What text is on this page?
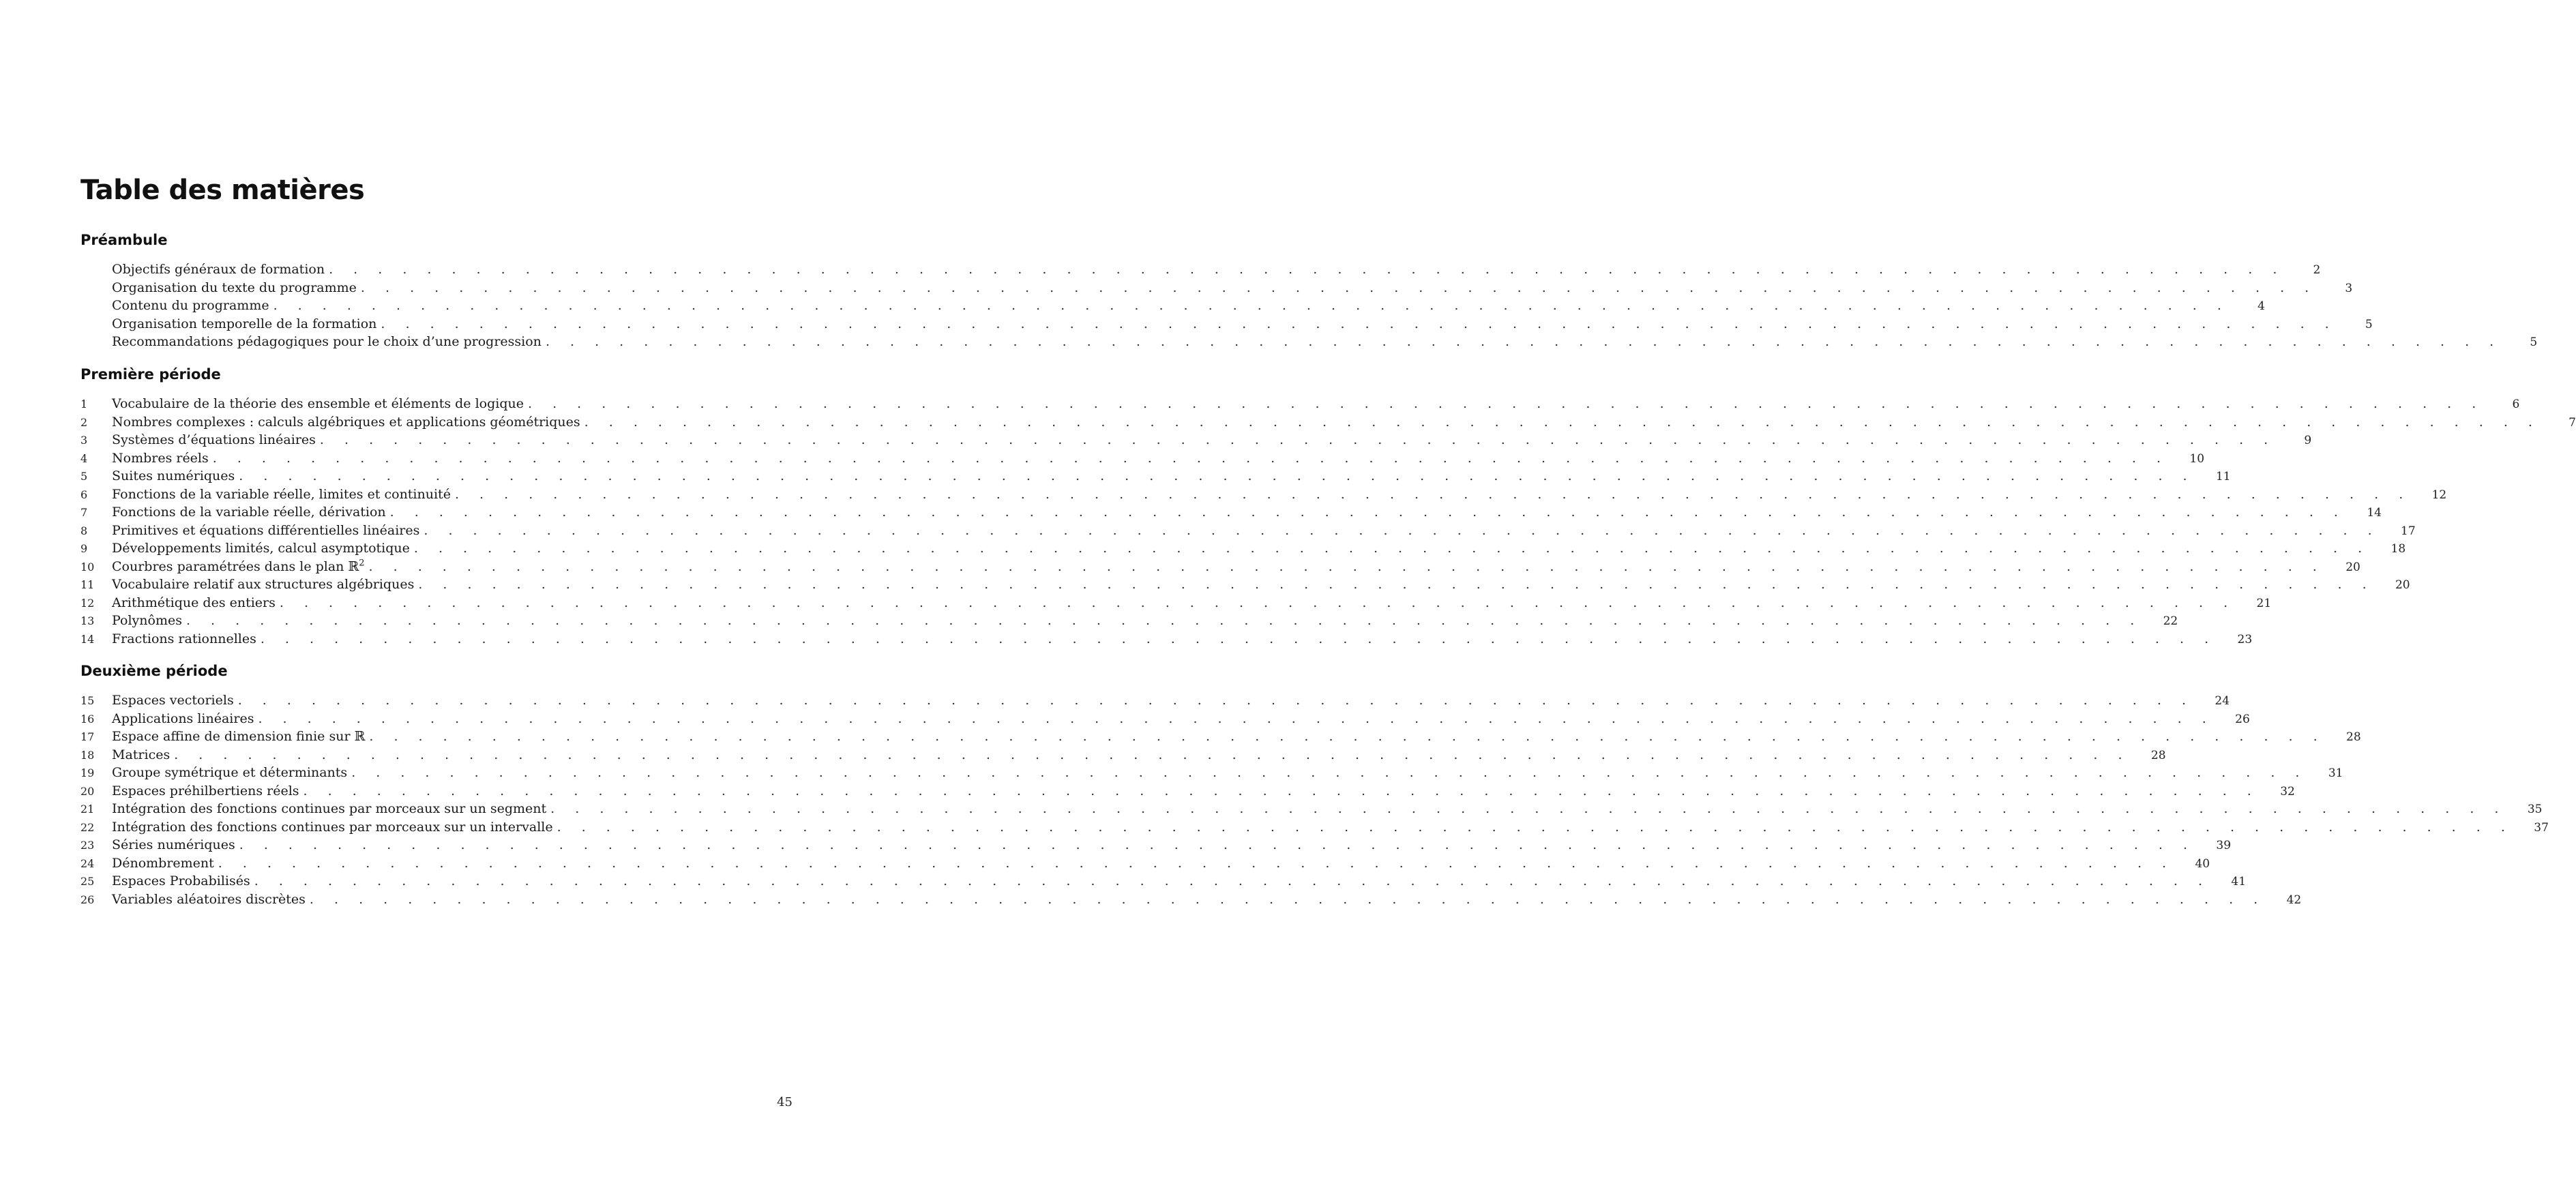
Table des matières
Préambule
Objectifs généraux de formation . . . . . . . . . . . . . . . . . . . . . . . . . . . . . . . . . . . . . . . . . . . . . . . . . . . . . . . . . . . . . . . . . . . . . . . . . . . . . . . .	2
Organisation du texte du programme . . . . . . . . . . . . . . . . . . . . . . . . . . . . . . . . . . . . . . . . . . . . . . . . . . . . . . . . . . . . . . . . . . . . . . . . . . . . . . . .	3
Contenu du programme . . . . . . . . . . . . . . . . . . . . . . . . . . . . . . . . . . . . . . . . . . . . . . . . . . . . . . . . . . . . . . . . . . . . . . . . . . . . . . . .	4
Organisation temporelle de la formation . . . . . . . . . . . . . . . . . . . . . . . . . . . . . . . . . . . . . . . . . . . . . . . . . . . . . . . . . . . . . . . . . . . . . . . . . . . . . . . .	5
Recommandations pédagogiques pour le choix d’une progression . . . . . . . . . . . . . . . . . . . . . . . . . . . . . . . . . . . . . . . . . . . . . . . . . . . . . . . . . . . . . . . . . . . . . . . . . . . . . . . .	5
Première période
1	Vocabulaire de la théorie des ensemble et éléments de logique . . . . . . . . . . . . . . . . . . . . . . . . . . . . . . . . . . . . . . . . . . . . . . . . . . . . . . . . . . . . . . . . . . . . . . . . . . . . . . . .	6
2	Nombres complexes : calculs algébriques et applications géométriques . . . . . . . . . . . . . . . . . . . . . . . . . . . . . . . . . . . . . . . . . . . . . . . . . . . . . . . . . . . . . . . . . . . . . . . . . . . . . . . .	7
3	Systèmes d’équations linéaires . . . . . . . . . . . . . . . . . . . . . . . . . . . . . . . . . . . . . . . . . . . . . . . . . . . . . . . . . . . . . . . . . . . . . . . . . . . . . . . .	9
4	Nombres réels . . . . . . . . . . . . . . . . . . . . . . . . . . . . . . . . . . . . . . . . . . . . . . . . . . . . . . . . . . . . . . . . . . . . . . . . . . . . . . . .	10
5	Suites numériques . . . . . . . . . . . . . . . . . . . . . . . . . . . . . . . . . . . . . . . . . . . . . . . . . . . . . . . . . . . . . . . . . . . . . . . . . . . . . . . .	11
6	Fonctions de la variable réelle, limites et continuité . . . . . . . . . . . . . . . . . . . . . . . . . . . . . . . . . . . . . . . . . . . . . . . . . . . . . . . . . . . . . . . . . . . . . . . . . . . . . . . .	12
7	Fonctions de la variable réelle, dérivation . . . . . . . . . . . . . . . . . . . . . . . . . . . . . . . . . . . . . . . . . . . . . . . . . . . . . . . . . . . . . . . . . . . . . . . . . . . . . . . .	14
8	Primitives et équations différentielles linéaires . . . . . . . . . . . . . . . . . . . . . . . . . . . . . . . . . . . . . . . . . . . . . . . . . . . . . . . . . . . . . . . . . . . . . . . . . . . . . . . .	17
9	Développements limités, calcul asymptotique . . . . . . . . . . . . . . . . . . . . . . . . . . . . . . . . . . . . . . . . . . . . . . . . . . . . . . . . . . . . . . . . . . . . . . . . . . . . . . . .	18
10	Courbres paramétrées dans le plan ℝ$^2$ . . . . . . . . . . . . . . . . . . . . . . . . . . . . . . . . . . . . . . . . . . . . . . . . . . . . . . . . . . . . . . . . . . . . . . . . . . . . . . . .	20
11	Vocabulaire relatif aux structures algébriques . . . . . . . . . . . . . . . . . . . . . . . . . . . . . . . . . . . . . . . . . . . . . . . . . . . . . . . . . . . . . . . . . . . . . . . . . . . . . . . .	20
12	Arithmétique des entiers . . . . . . . . . . . . . . . . . . . . . . . . . . . . . . . . . . . . . . . . . . . . . . . . . . . . . . . . . . . . . . . . . . . . . . . . . . . . . . . .	21
13	Polynômes . . . . . . . . . . . . . . . . . . . . . . . . . . . . . . . . . . . . . . . . . . . . . . . . . . . . . . . . . . . . . . . . . . . . . . . . . . . . . . . .	22
14	Fractions rationnelles . . . . . . . . . . . . . . . . . . . . . . . . . . . . . . . . . . . . . . . . . . . . . . . . . . . . . . . . . . . . . . . . . . . . . . . . . . . . . . . .	23
Deuxième période
15	Espaces vectoriels . . . . . . . . . . . . . . . . . . . . . . . . . . . . . . . . . . . . . . . . . . . . . . . . . . . . . . . . . . . . . . . . . . . . . . . . . . . . . . . .	24
16	Applications linéaires . . . . . . . . . . . . . . . . . . . . . . . . . . . . . . . . . . . . . . . . . . . . . . . . . . . . . . . . . . . . . . . . . . . . . . . . . . . . . . . .	26
17	Espace affine de dimension finie sur ℝ . . . . . . . . . . . . . . . . . . . . . . . . . . . . . . . . . . . . . . . . . . . . . . . . . . . . . . . . . . . . . . . . . . . . . . . . . . . . . . . .	28
18	Matrices . . . . . . . . . . . . . . . . . . . . . . . . . . . . . . . . . . . . . . . . . . . . . . . . . . . . . . . . . . . . . . . . . . . . . . . . . . . . . . . .	28
19	Groupe symétrique et déterminants . . . . . . . . . . . . . . . . . . . . . . . . . . . . . . . . . . . . . . . . . . . . . . . . . . . . . . . . . . . . . . . . . . . . . . . . . . . . . . . .	31
20	Espaces préhilbertiens réels . . . . . . . . . . . . . . . . . . . . . . . . . . . . . . . . . . . . . . . . . . . . . . . . . . . . . . . . . . . . . . . . . . . . . . . . . . . . . . . .	32
21	Intégration des fonctions continues par morceaux sur un segment . . . . . . . . . . . . . . . . . . . . . . . . . . . . . . . . . . . . . . . . . . . . . . . . . . . . . . . . . . . . . . . . . . . . . . . . . . . . . . . .	35
22	Intégration des fonctions continues par morceaux sur un intervalle . . . . . . . . . . . . . . . . . . . . . . . . . . . . . . . . . . . . . . . . . . . . . . . . . . . . . . . . . . . . . . . . . . . . . . . . . . . . . . . .	37
23	Séries numériques . . . . . . . . . . . . . . . . . . . . . . . . . . . . . . . . . . . . . . . . . . . . . . . . . . . . . . . . . . . . . . . . . . . . . . . . . . . . . . . .	39
24	Dénombrement . . . . . . . . . . . . . . . . . . . . . . . . . . . . . . . . . . . . . . . . . . . . . . . . . . . . . . . . . . . . . . . . . . . . . . . . . . . . . . . .	40
25	Espaces Probabilisés . . . . . . . . . . . . . . . . . . . . . . . . . . . . . . . . . . . . . . . . . . . . . . . . . . . . . . . . . . . . . . . . . . . . . . . . . . . . . . . .	41
26	Variables aléatoires discrètes . . . . . . . . . . . . . . . . . . . . . . . . . . . . . . . . . . . . . . . . . . . . . . . . . . . . . . . . . . . . . . . . . . . . . . . . . . . . . . . .	42
45
